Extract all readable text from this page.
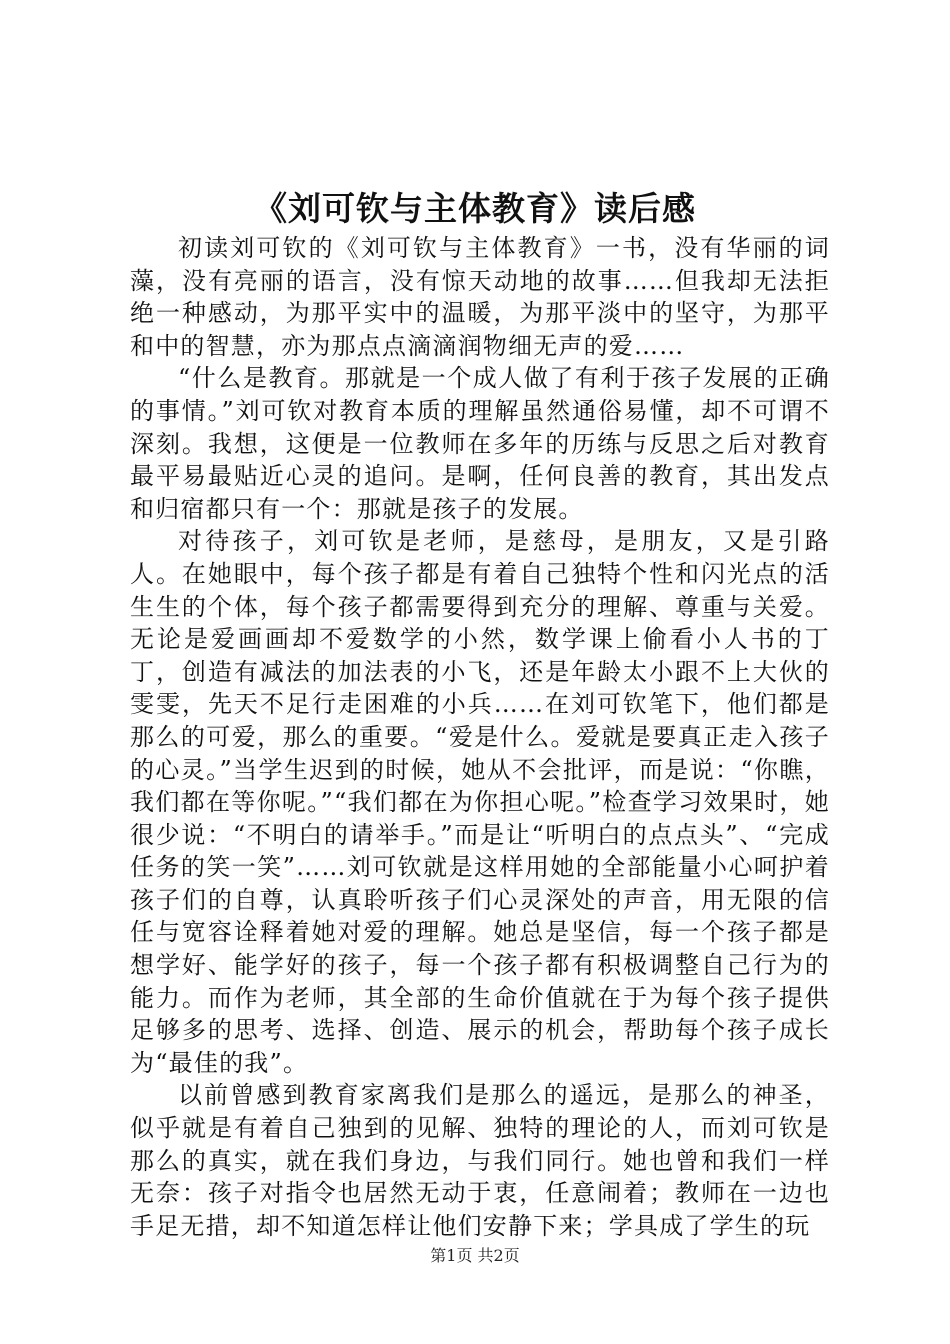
《刘可钦与主体教育》读后感

初读刘可钦的《刘可钦与主体教育》一书，没有华丽的词藻，没有亮丽的语言，没有惊天动地的故事……但我却无法拒绝一种感动，为那平实中的温暖，为那平淡中的坚守，为那平和中的智慧，亦为那点点滴滴润物细无声的爱……

“什么是教育。那就是一个成人做了有利于孩子发展的正确的事情。”刘可钦对教育本质的理解虽然通俗易懂，却不可谓不深刻。我想，这便是一位教师在多年的历练与反思之后对教育最平易最贴近心灵的追问。是啊，任何良善的教育，其出发点和归宿都只有一个：那就是孩子的发展。

对待孩子，刘可钦是老师，是慈母，是朋友，又是引路人。在她眼中，每个孩子都是有着自己独特个性和闪光点的活生生的个体，每个孩子都需要得到充分的理解、尊重与关爱。无论是爱画画却不爱数学的小然，数学课上偷看小人书的丁丁，创造有减法的加法表的小飞，还是年龄太小跟不上大伙的雯雯，先天不足行走困难的小兵……在刘可钦笔下，他们都是那么的可爱，那么的重要。“爱是什么。爱就是要真正走入孩子的心灵。”当学生迟到的时候，她从不会批评，而是说：“你瞧，我们都在等你呢。”“我们都在为你担心呢。”检查学习效果时，她很少说：“不明白的请举手。”而是让“听明白的点点头”、“完成任务的笑一笑”……刘可钦就是这样用她的全部能量小心呵护着孩子们的自尊，认真聆听孩子们心灵深处的声音，用无限的信任与宽容诠释着她对爱的理解。她总是坚信，每一个孩子都是想学好、能学好的孩子，每一个孩子都有积极调整自己行为的能力。而作为老师，其全部的生命价值就在于为每个孩子提供足够多的思考、选择、创造、展示的机会，帮助每个孩子成长为“最佳的我”。

以前曾感到教育家离我们是那么的遥远，是那么的神圣，似乎就是有着自己独到的见解、独特的理论的人，而刘可钦是那么的真实，就在我们身边，与我们同行。她也曾和我们一样无奈：孩子对指令也居然无动于衷，任意闹着；教师在一边也手足无措，却不知道怎样让他们安静下来；学具成了学生的玩

第1页 共2页
